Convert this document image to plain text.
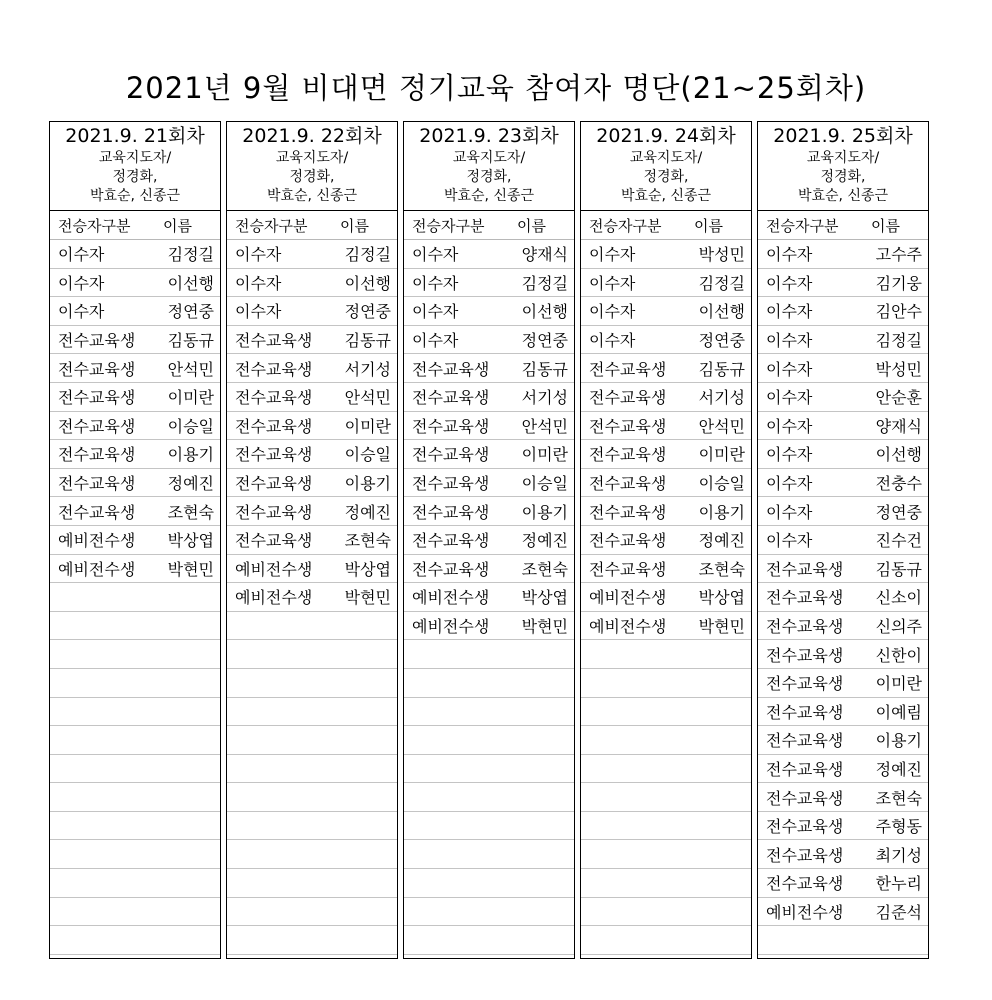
2021년 9월 비대면 정기교육 참여자 명단(21~25회차)
2021.9. 21회차
교육지도자/
정경화,
박효순, 신종근
전승자구분 이름
이수자	김정길
이수자	이선행
이수자	정연중
전수교육생 김동규
전수교육생 안석민
전수교육생 이미란
전수교육생 이승일
전수교육생 이용기
전수교육생 정예진
전수교육생 조현숙
예비전수생 박상엽
예비전수생 박현민
2021.9. 22회차
교육지도자/
정경화,
박효순, 신종근
전승자구분 이름
이수자	김정길
이수자	이선행
이수자	정연중
전수교육생 김동규
전수교육생 서기성
전수교육생 안석민
전수교육생 이미란
전수교육생 이승일
전수교육생 이용기
전수교육생 정예진
전수교육생 조현숙
예비전수생 박상엽
예비전수생 박현민
2021.9. 23회차
교육지도자/
정경화,
박효순, 신종근
전승자구분 이름
이수자	양재식
이수자	김정길
이수자	이선행
이수자	정연중
전수교육생 김동규
전수교육생 서기성
전수교육생 안석민
전수교육생 이미란
전수교육생 이승일
전수교육생 이용기
전수교육생 정예진
전수교육생 조현숙
예비전수생 박상엽
예비전수생 박현민
2021.9. 24회차
교육지도자/
정경화,
박효순, 신종근
전승자구분 이름
이수자	박성민
이수자	김정길
이수자	이선행
이수자	정연중
전수교육생 김동규
전수교육생 서기성
전수교육생 안석민
전수교육생 이미란
전수교육생 이승일
전수교육생 이용기
전수교육생 정예진
전수교육생 조현숙
예비전수생 박상엽
예비전수생 박현민
2021.9. 25회차
교육지도자/
정경화,
박효순, 신종근
전승자구분 이름
이수자	고수주
이수자	김기웅
이수자	김안수
이수자	김정길
이수자	박성민
이수자	안순훈
이수자	양재식
이수자	이선행
이수자	전충수
이수자	정연중
이수자	진수건
전수교육생 김동규
전수교육생 신소이
전수교육생 신의주
전수교육생 신한이
전수교육생 이미란
전수교육생 이예림
전수교육생 이용기
전수교육생 정예진
전수교육생 조현숙
전수교육생 주형동
전수교육생 최기성
전수교육생 한누리
예비전수생 김준석
